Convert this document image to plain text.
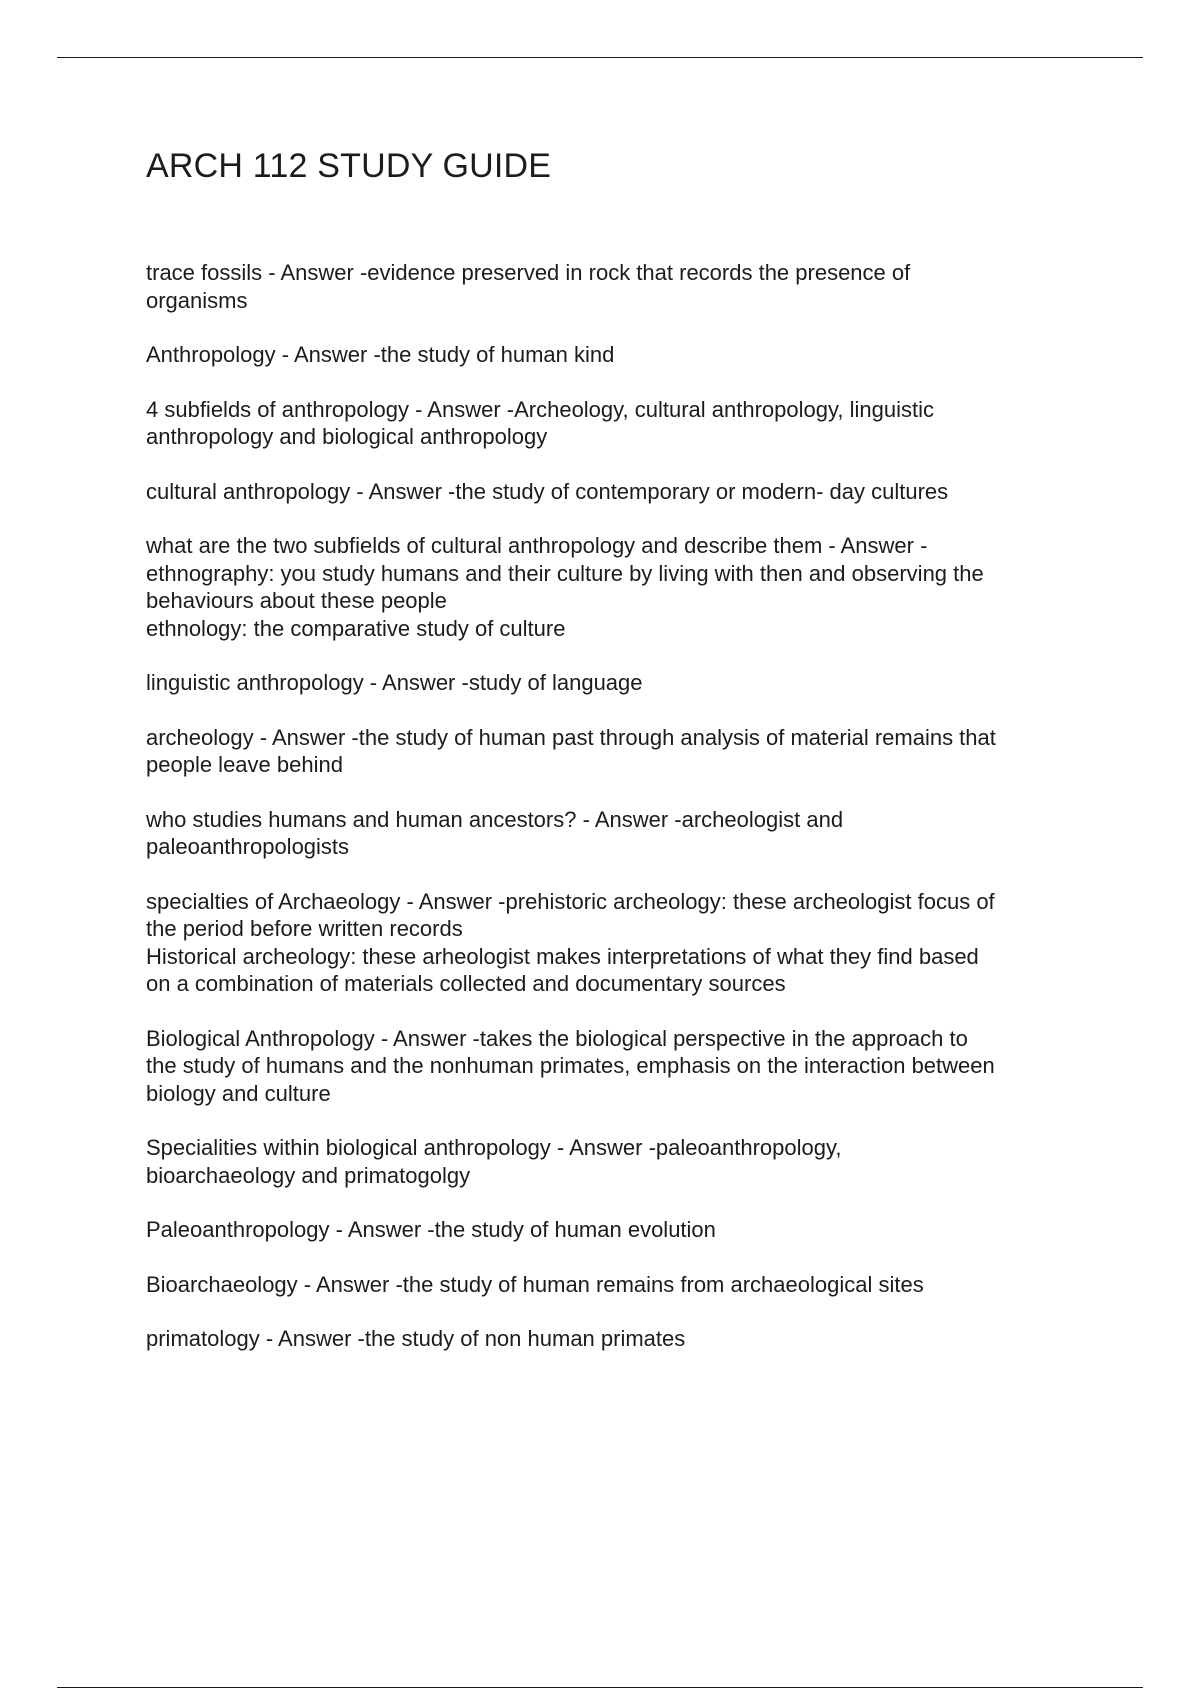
ARCH 112 STUDY GUIDE

trace fossils - Answer -evidence preserved in rock that records the presence of
organisms

Anthropology - Answer -the study of human kind

4 subfields of anthropology - Answer -Archeology, cultural anthropology, linguistic
anthropology and biological anthropology

cultural anthropology - Answer -the study of contemporary or modern- day cultures

what are the two subfields of cultural anthropology and describe them - Answer -
ethnography: you study humans and their culture by living with then and observing the
behaviours about these people
ethnology: the comparative study of culture

linguistic anthropology - Answer -study of language

archeology - Answer -the study of human past through analysis of material remains that
people leave behind

who studies humans and human ancestors? - Answer -archeologist and
paleoanthropologists

specialties of Archaeology - Answer -prehistoric archeology: these archeologist focus of
the period before written records
Historical archeology: these arheologist makes interpretations of what they find based
on a combination of materials collected and documentary sources

Biological Anthropology - Answer -takes the biological perspective in the approach to
the study of humans and the nonhuman primates, emphasis on the interaction between
biology and culture

Specialities within biological anthropology - Answer -paleoanthropology,
bioarchaeology and primatogolgy

Paleoanthropology - Answer -the study of human evolution

Bioarchaeology - Answer -the study of human remains from archaeological sites

primatology - Answer -the study of non human primates
